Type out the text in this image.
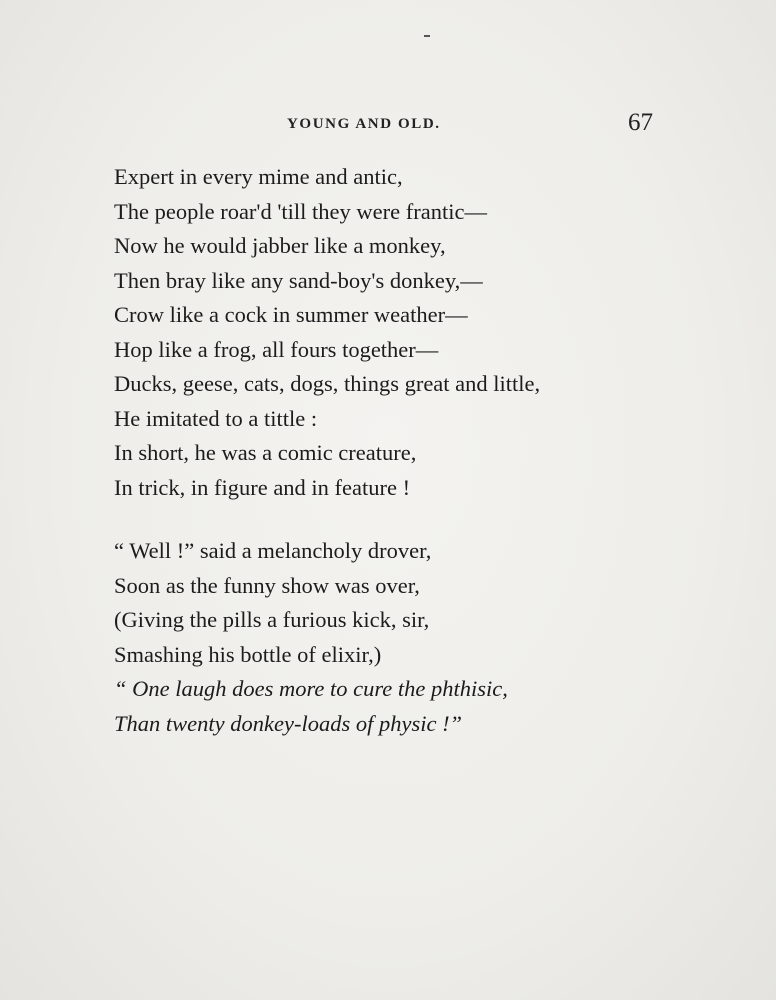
YOUNG AND OLD.	67
Expert in every mime and antic,
The people roar'd 'till they were frantic—
Now he would jabber like a monkey,
Then bray like any sand-boy's donkey,—
Crow like a cock in summer weather—
Hop like a frog, all fours together—
Ducks, geese, cats, dogs, things great and little,
He imitated to a tittle :
In short, he was a comic creature,
In trick, in figure and in feature !
“ Well !” said a melancholy drover,
Soon as the funny show was over,
(Giving the pills a furious kick, sir,
Smashing his bottle of elixir,)
“ One laugh does more to cure the phthisic,
Than twenty donkey-loads of physic !”
